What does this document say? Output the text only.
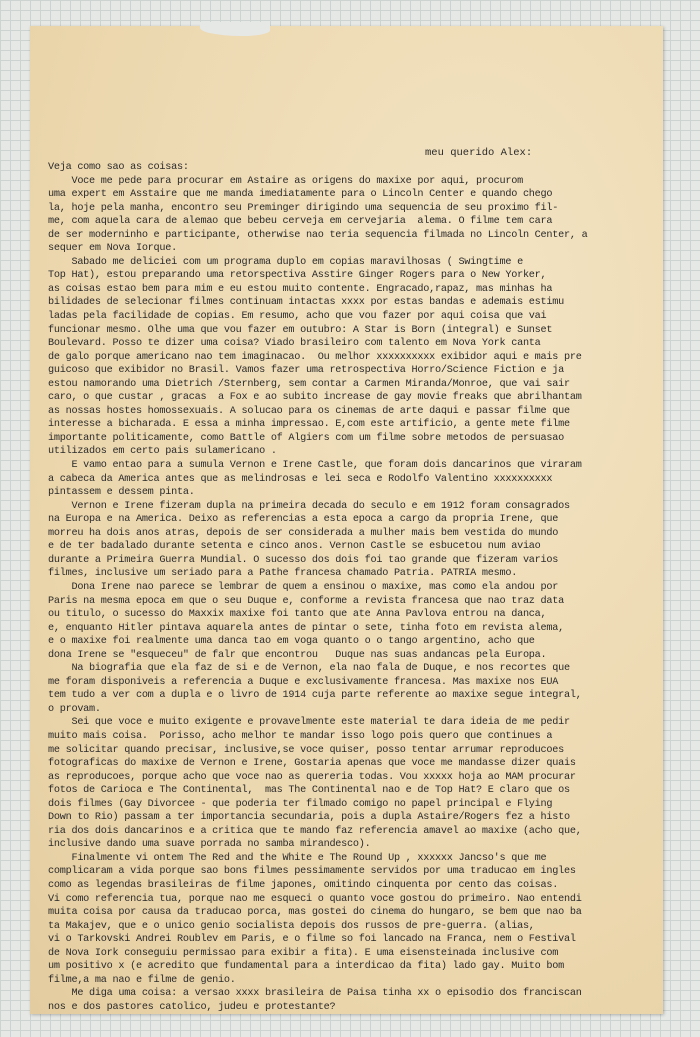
meu querido Alex:
Veja como sao as coisas:
Voce me pede para procurar em Astaire as origens do maxixe por aqui, procurom
uma expert em Asstaire que me manda imediatamente para o Lincoln Center e quando chego
la, hoje pela manha, encontro seu Preminger dirigindo uma sequencia de seu proximo fil-
me, com aquela cara de alemao que bebeu cerveja em cervejaria  alema. O filme tem cara
de ser moderninho e participante, otherwise nao teria sequencia filmada no Lincoln Center, a
sequer em Nova Iorque.
Sabado me deliciei com um programa duplo em copias maravilhosas ( Swingtime e
Top Hat), estou preparando uma retorspectiva Asstire Ginger Rogers para o New Yorker,
as coisas estao bem para mim e eu estou muito contente. Engracado,rapaz, mas minhas ha
bilidades de selecionar filmes continuam intactas xxxx por estas bandas e ademais estimu
ladas pela facilidade de copias. Em resumo, acho que vou fazer por aqui coisa que vai
funcionar mesmo. Olhe uma que vou fazer em outubro: A Star is Born (integral) e Sunset
Boulevard. Posso te dizer uma coisa? Viado brasileiro com talento em Nova York canta
de galo porque americano nao tem imaginacao.  Ou melhor xxxxxxxxxx exibidor aqui e mais pre
guicoso que exibidor no Brasil. Vamos fazer uma retrospectiva Horro/Science Fiction e ja
estou namorando uma Dietrich /Sternberg, sem contar a Carmen Miranda/Monroe, que vai sair
caro, o que custar , gracas  a Fox e ao subito increase de gay movie freaks que abrilhantam
as nossas hostes homossexuais. A solucao para os cinemas de arte daqui e passar filme que
interesse a bicharada. E essa a minha impressao. E,com este artificio, a gente mete filme
importante politicamente, como Battle of Algiers com um filme sobre metodos de persuasao
utilizados em certo pais sulamericano .
E vamo entao para a sumula Vernon e Irene Castle, que foram dois dancarinos que viraram
a cabeca da America antes que as melindrosas e lei seca e Rodolfo Valentino xxxxxxxxxx
pintassem e dessem pinta.
Vernon e Irene fizeram dupla na primeira decada do seculo e em 1912 foram consagrados
na Europa e na America. Deixo as referencias a esta epoca a cargo da propria Irene, que
morreu ha dois anos atras, depois de ser considerada a mulher mais bem vestida do mundo
e de ter badalado durante setenta e cinco anos. Vernon Castle se esbucetou num aviao
durante a Primeira Guerra Mundial. O sucesso dos dois foi tao grande que fizeram varios
filmes, inclusive um seriado para a Pathe francesa chamado Patria. PATRIA mesmo.
Dona Irene nao parece se lembrar de quem a ensinou o maxixe, mas como ela andou por
Paris na mesma epoca em que o seu Duque e, conforme a revista francesa que nao traz data
ou titulo, o sucesso do Maxxix maxixe foi tanto que ate Anna Pavlova entrou na danca,
e, enquanto Hitler pintava aquarela antes de pintar o sete, tinha foto em revista alema,
e o maxixe foi realmente uma danca tao em voga quanto o o tango argentino, acho que
dona Irene se "esqueceu" de falr que encontrou   Duque nas suas andancas pela Europa.
Na biografia que ela faz de si e de Vernon, ela nao fala de Duque, e nos recortes que
me foram disponiveis a referencia a Duque e exclusivamente francesa. Mas maxixe nos EUA
tem tudo a ver com a dupla e o livro de 1914 cuja parte referente ao maxixe segue integral,
o provam.
Sei que voce e muito exigente e provavelmente este material te dara ideia de me pedir
muito mais coisa.  Porisso, acho melhor te mandar isso logo pois quero que continues a
me solicitar quando precisar, inclusive,se voce quiser, posso tentar arrumar reproducoes
fotograficas do maxixe de Vernon e Irene, Gostaria apenas que voce me mandasse dizer quais
as reproducoes, porque acho que voce nao as quereria todas. Vou xxxxx hoja ao MAM procurar
fotos de Carioca e The Continental,  mas The Continental nao e de Top Hat? E claro que os
dois filmes (Gay Divorcee - que poderia ter filmado comigo no papel principal e Flying
Down to Rio) passam a ter importancia secundaria, pois a dupla Astaire/Rogers fez a histo
ria dos dois dancarinos e a critica que te mando faz referencia amavel ao maxixe (acho que,
inclusive dando uma suave porrada no samba mirandesco).
Finalmente vi ontem The Red and the White e The Round Up , xxxxxx Jancso's que me
complicaram a vida porque sao bons filmes pessimamente servidos por uma traducao em ingles
como as legendas brasileiras de filme japones, omitindo cinquenta por cento das coisas.
Vi como referencia tua, porque nao me esqueci o quanto voce gostou do primeiro. Nao entendi
muita coisa por causa da traducao porca, mas gostei do cinema do hungaro, se bem que nao ba
ta Makajev, que e o unico genio socialista depois dos russos de pre-guerra. (alias,
vi o Tarkovski Andrei Roublev em Paris, e o filme so foi lancado na Franca, nem o Festival
de Nova Iork conseguiu permissao para exibir a fita). E uma eisensteinada inclusive com
um positivo x (e acredito que fundamental para a interdicao da fita) lado gay. Muito bom
filme,a ma nao e filme de genio.
Me diga uma coisa: a versao xxxx brasileira de Paisa tinha xx o episodio dos franciscan
nos e dos pastores catolico, judeu e protestante?
